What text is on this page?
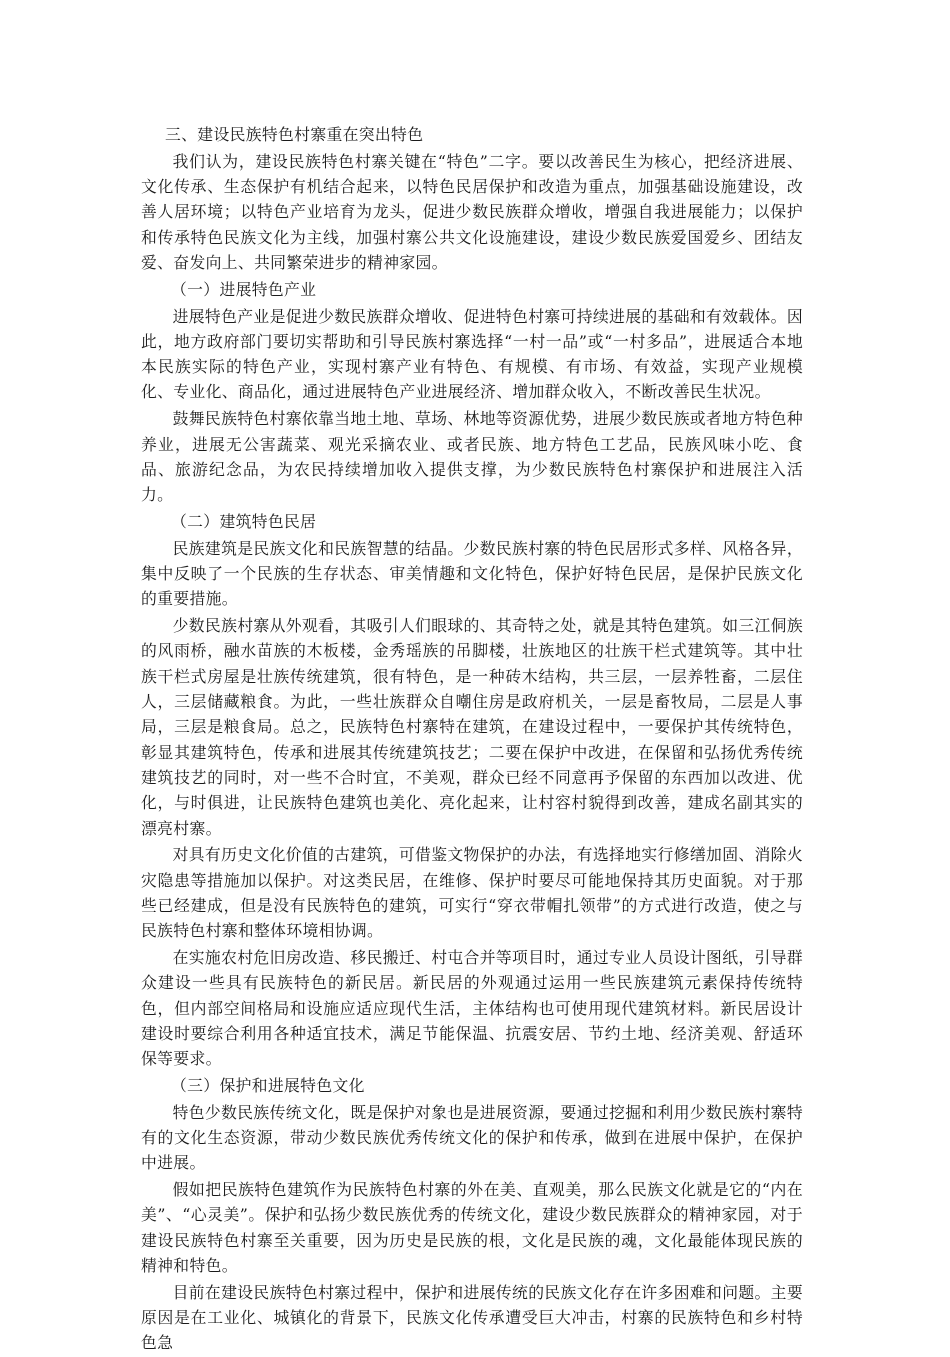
三、建设民族特色村寨重在突出特色

我们认为，建设民族特色村寨关键在“特色”二字。要以改善民生为核心，把经济进展、文化传承、生态保护有机结合起来，以特色民居保护和改造为重点，加强基础设施建设，改善人居环境；以特色产业培育为龙头，促进少数民族群众增收，增强自我进展能力；以保护和传承特色民族文化为主线，加强村寨公共文化设施建设，建设少数民族爱国爱乡、团结友爱、奋发向上、共同繁荣进步的精神家园。

（一）进展特色产业

进展特色产业是促进少数民族群众增收、促进特色村寨可持续进展的基础和有效载体。因此，地方政府部门要切实帮助和引导民族村寨选择“一村一品”或“一村多品”，进展适合本地本民族实际的特色产业，实现村寨产业有特色、有规模、有市场、有效益，实现产业规模化、专业化、商品化，通过进展特色产业进展经济、增加群众收入，不断改善民生状况。

鼓舞民族特色村寨依靠当地土地、草场、林地等资源优势，进展少数民族或者地方特色种养业，进展无公害蔬菜、观光采摘农业、或者民族、地方特色工艺品，民族风味小吃、食品、旅游纪念品，为农民持续增加收入提供支撑，为少数民族特色村寨保护和进展注入活力。

（二）建筑特色民居

民族建筑是民族文化和民族智慧的结晶。少数民族村寨的特色民居形式多样、风格各异，集中反映了一个民族的生存状态、审美情趣和文化特色，保护好特色民居，是保护民族文化的重要措施。

少数民族村寨从外观看，其吸引人们眼球的、其奇特之处，就是其特色建筑。如三江侗族的风雨桥，融水苗族的木板楼，金秀瑶族的吊脚楼，壮族地区的壮族干栏式建筑等。其中壮族干栏式房屋是壮族传统建筑，很有特色，是一种砖木结构，共三层，一层养牲畜，二层住人，三层储藏粮食。为此，一些壮族群众自嘲住房是政府机关，一层是畜牧局，二层是人事局，三层是粮食局。总之，民族特色村寨特在建筑，在建设过程中，一要保护其传统特色，彰显其建筑特色，传承和进展其传统建筑技艺；二要在保护中改进，在保留和弘扬优秀传统建筑技艺的同时，对一些不合时宜，不美观，群众已经不同意再予保留的东西加以改进、优化，与时俱进，让民族特色建筑也美化、亮化起来，让村容村貌得到改善，建成名副其实的漂亮村寨。

对具有历史文化价值的古建筑，可借鉴文物保护的办法，有选择地实行修缮加固、消除火灾隐患等措施加以保护。对这类民居，在维修、保护时要尽可能地保持其历史面貌。对于那些已经建成，但是没有民族特色的建筑，可实行“穿衣带帽扎领带”的方式进行改造，使之与民族特色村寨和整体环境相协调。

在实施农村危旧房改造、移民搬迁、村屯合并等项目时，通过专业人员设计图纸，引导群众建设一些具有民族特色的新民居。新民居的外观通过运用一些民族建筑元素保持传统特色，但内部空间格局和设施应适应现代生活，主体结构也可使用现代建筑材料。新民居设计建设时要综合利用各种适宜技术，满足节能保温、抗震安居、节约土地、经济美观、舒适环保等要求。

（三）保护和进展特色文化

特色少数民族传统文化，既是保护对象也是进展资源，要通过挖掘和利用少数民族村寨特有的文化生态资源，带动少数民族优秀传统文化的保护和传承，做到在进展中保护，在保护中进展。

假如把民族特色建筑作为民族特色村寨的外在美、直观美，那么民族文化就是它的“内在美”、“心灵美”。保护和弘扬少数民族优秀的传统文化，建设少数民族群众的精神家园，对于建设民族特色村寨至关重要，因为历史是民族的根，文化是民族的魂，文化最能体现民族的精神和特色。

目前在建设民族特色村寨过程中，保护和进展传统的民族文化存在许多困难和问题。主要原因是在工业化、城镇化的背景下，民族文化传承遭受巨大冲击，村寨的民族特色和乡村特色急
